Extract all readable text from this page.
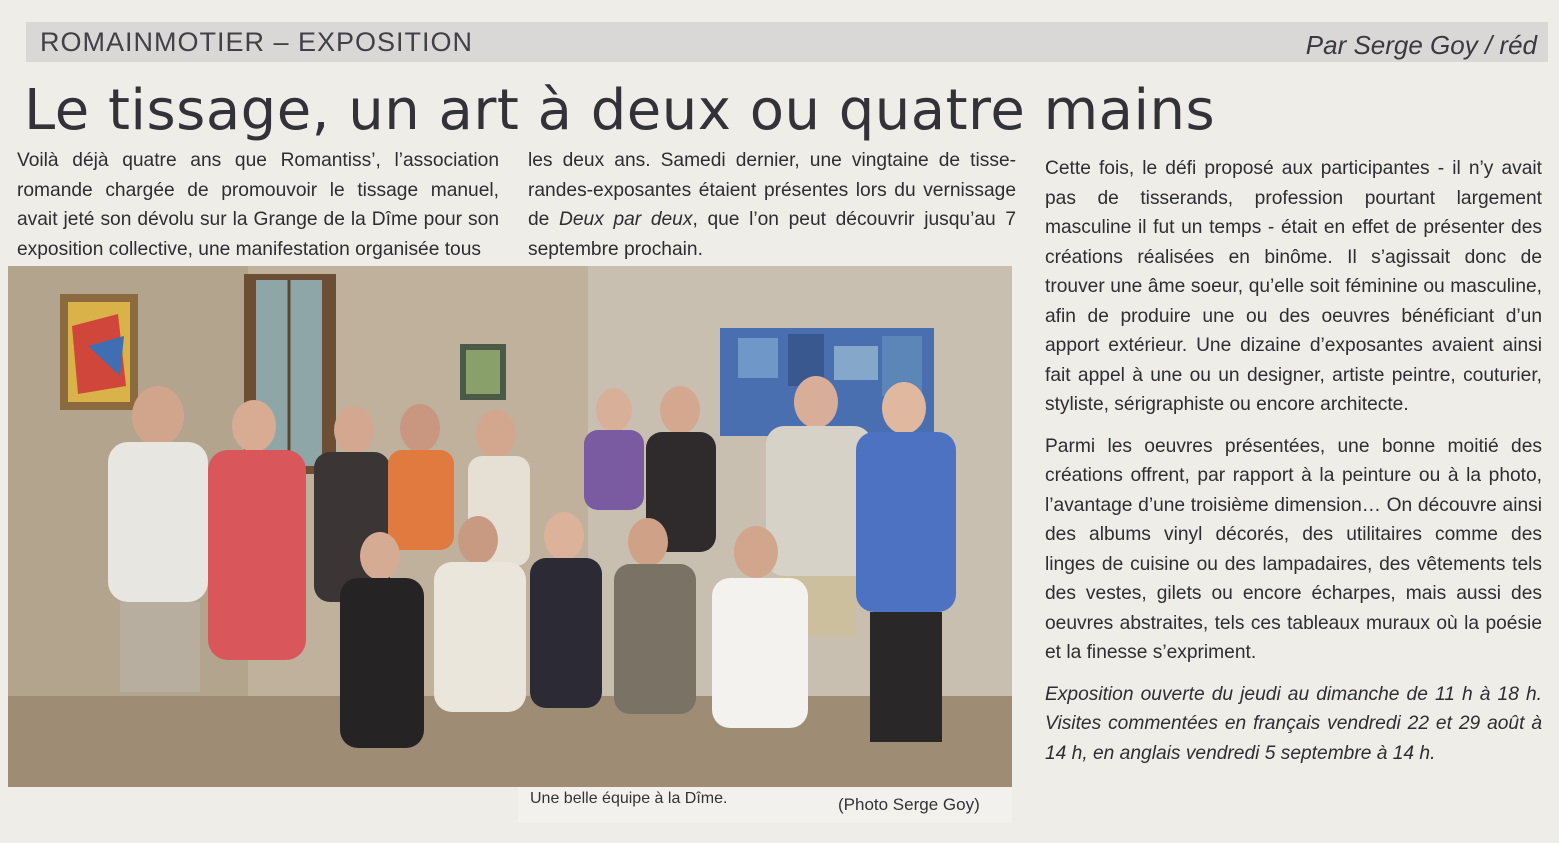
ROMAINMOTIER – EXPOSITION	Par Serge Goy / réd
Le tissage, un art à deux ou quatre mains

Voilà déjà quatre ans que Romantiss’, l’association romande chargée de promouvoir le tissage manuel, avait jeté son dévolu sur la Grange de la Dîme pour son exposition collective, une manifestation organisée tous

les deux ans. Samedi dernier, une vingtaine de tisse-randes-exposantes étaient présentes lors du vernissage de Deux par deux, que l’on peut découvrir jusqu’au 7 septembre prochain.

Cette fois, le défi proposé aux participantes - il n’y avait pas de tisserands, profession pourtant largement masculine il fut un temps - était en effet de présenter des créations réalisées en binôme. Il s’agissait donc de trouver une âme soeur, qu’elle soit féminine ou masculine, afin de produire une ou des oeuvres bénéficiant d’un apport extérieur. Une dizaine d’exposantes avaient ainsi fait appel à une ou un designer, artiste peintre, couturier, styliste, sérigraphiste ou encore architecte.

Parmi les oeuvres présentées, une bonne moitié des créations offrent, par rapport à la peinture ou à la photo, l’avantage d’une troisième dimension… On découvre ainsi des albums vinyl décorés, des utilitaires comme des linges de cuisine ou des lampadaires, des vêtements tels des vestes, gilets ou encore écharpes, mais aussi des oeuvres abstraites, tels ces tableaux muraux où la poésie et la finesse s’expriment.

Exposition ouverte du jeudi au dimanche de 11 h à 18 h. Visites commentées en français vendredi 22 et 29 août à 14 h, en anglais vendredi 5 septembre à 14 h.

Une belle équipe à la Dîme.	(Photo Serge Goy)
